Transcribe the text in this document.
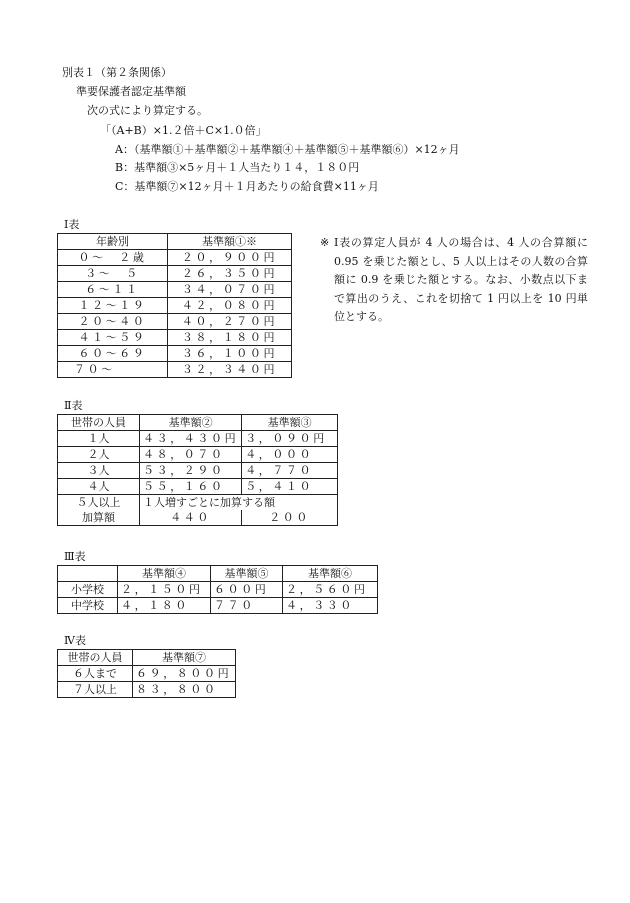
別表１（第２条関係）
準要保護者認定基準額
次の式により算定する。
「（A+B）×1.２倍＋C×1.０倍」
A：（基準額①＋基準額②＋基準額④＋基準額⑤＋基準額⑥）×12ヶ月
B：基準額③×5ヶ月＋１人当たり１４，１８０円
C：基準額⑦×12ヶ月＋１月あたりの給食費×11ヶ月
Ⅰ表
年齢別	基準額①※
０～　２歳	２０，９００円
３～　５	２６，３５０円
６～１１	３４，０７０円
１２～１９	４２，０８０円
２０～４０	４０，２７０円
４１～５９	３８，１８０円
６０～６９	３６，１００円
７０～	３２，３４０円
※ Ⅰ表の算定人員が 4 人の場合は、4 人の合算額に 0.95 を乗じた額とし、5 人以上はその人数の合算額に 0.9 を乗じた額とする。なお、小数点以下まで算出のうえ、これを切捨て 1 円以上を 10 円単位とする。
Ⅱ表
世帯の人員	基準額②	基準額③
１人	４３，４３０円	３，０９０円
２人	４８，０７０	４，０００
３人	５３，２９０	４，７７０
４人	５５，１６０	５，４１０
５人以上	１人増すごとに加算する額	
加算額	４４０	２００
Ⅲ表
	基準額④	基準額⑤	基準額⑥
小学校	２，１５０円	６００円	２，５６０円
中学校	４，１８０	７７０	４，３３０
Ⅳ表
世帯の人員	基準額⑦
６人まで	６９，８００円
７人以上	８３，８００
